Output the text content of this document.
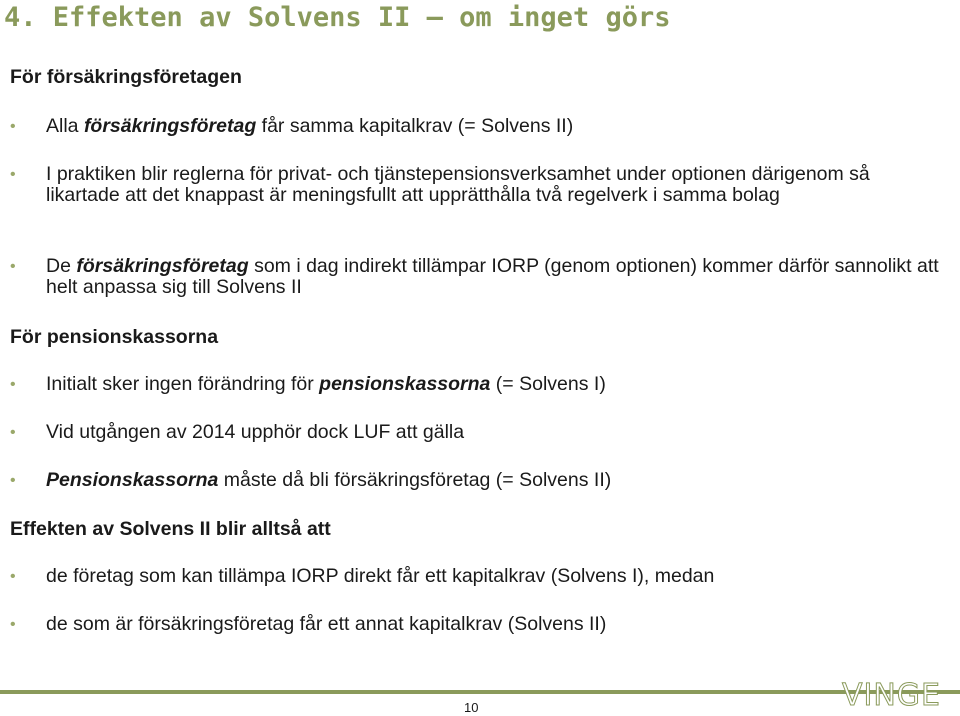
4. Effekten av Solvens II – om inget görs
För försäkringsföretagen
• Alla försäkringsföretag får samma kapitalkrav (= Solvens II)
• I praktiken blir reglerna för privat- och tjänstepensionsverksamhet under optionen därigenom så likartade att det knappast är meningsfullt att upprätthålla två regelverk i samma bolag
• De försäkringsföretag som i dag indirekt tillämpar IORP (genom optionen) kommer därför sannolikt att helt anpassa sig till Solvens II
För pensionskassorna
• Initialt sker ingen förändring för pensionskassorna (= Solvens I)
• Vid utgången av 2014 upphör dock LUF att gälla
• Pensionskassorna måste då bli försäkringsföretag (= Solvens II)
Effekten av Solvens II blir alltså att
• de företag som kan tillämpa IORP direkt får ett kapitalkrav (Solvens I), medan
• de som är försäkringsföretag får ett annat kapitalkrav (Solvens II)
10	VINGE
